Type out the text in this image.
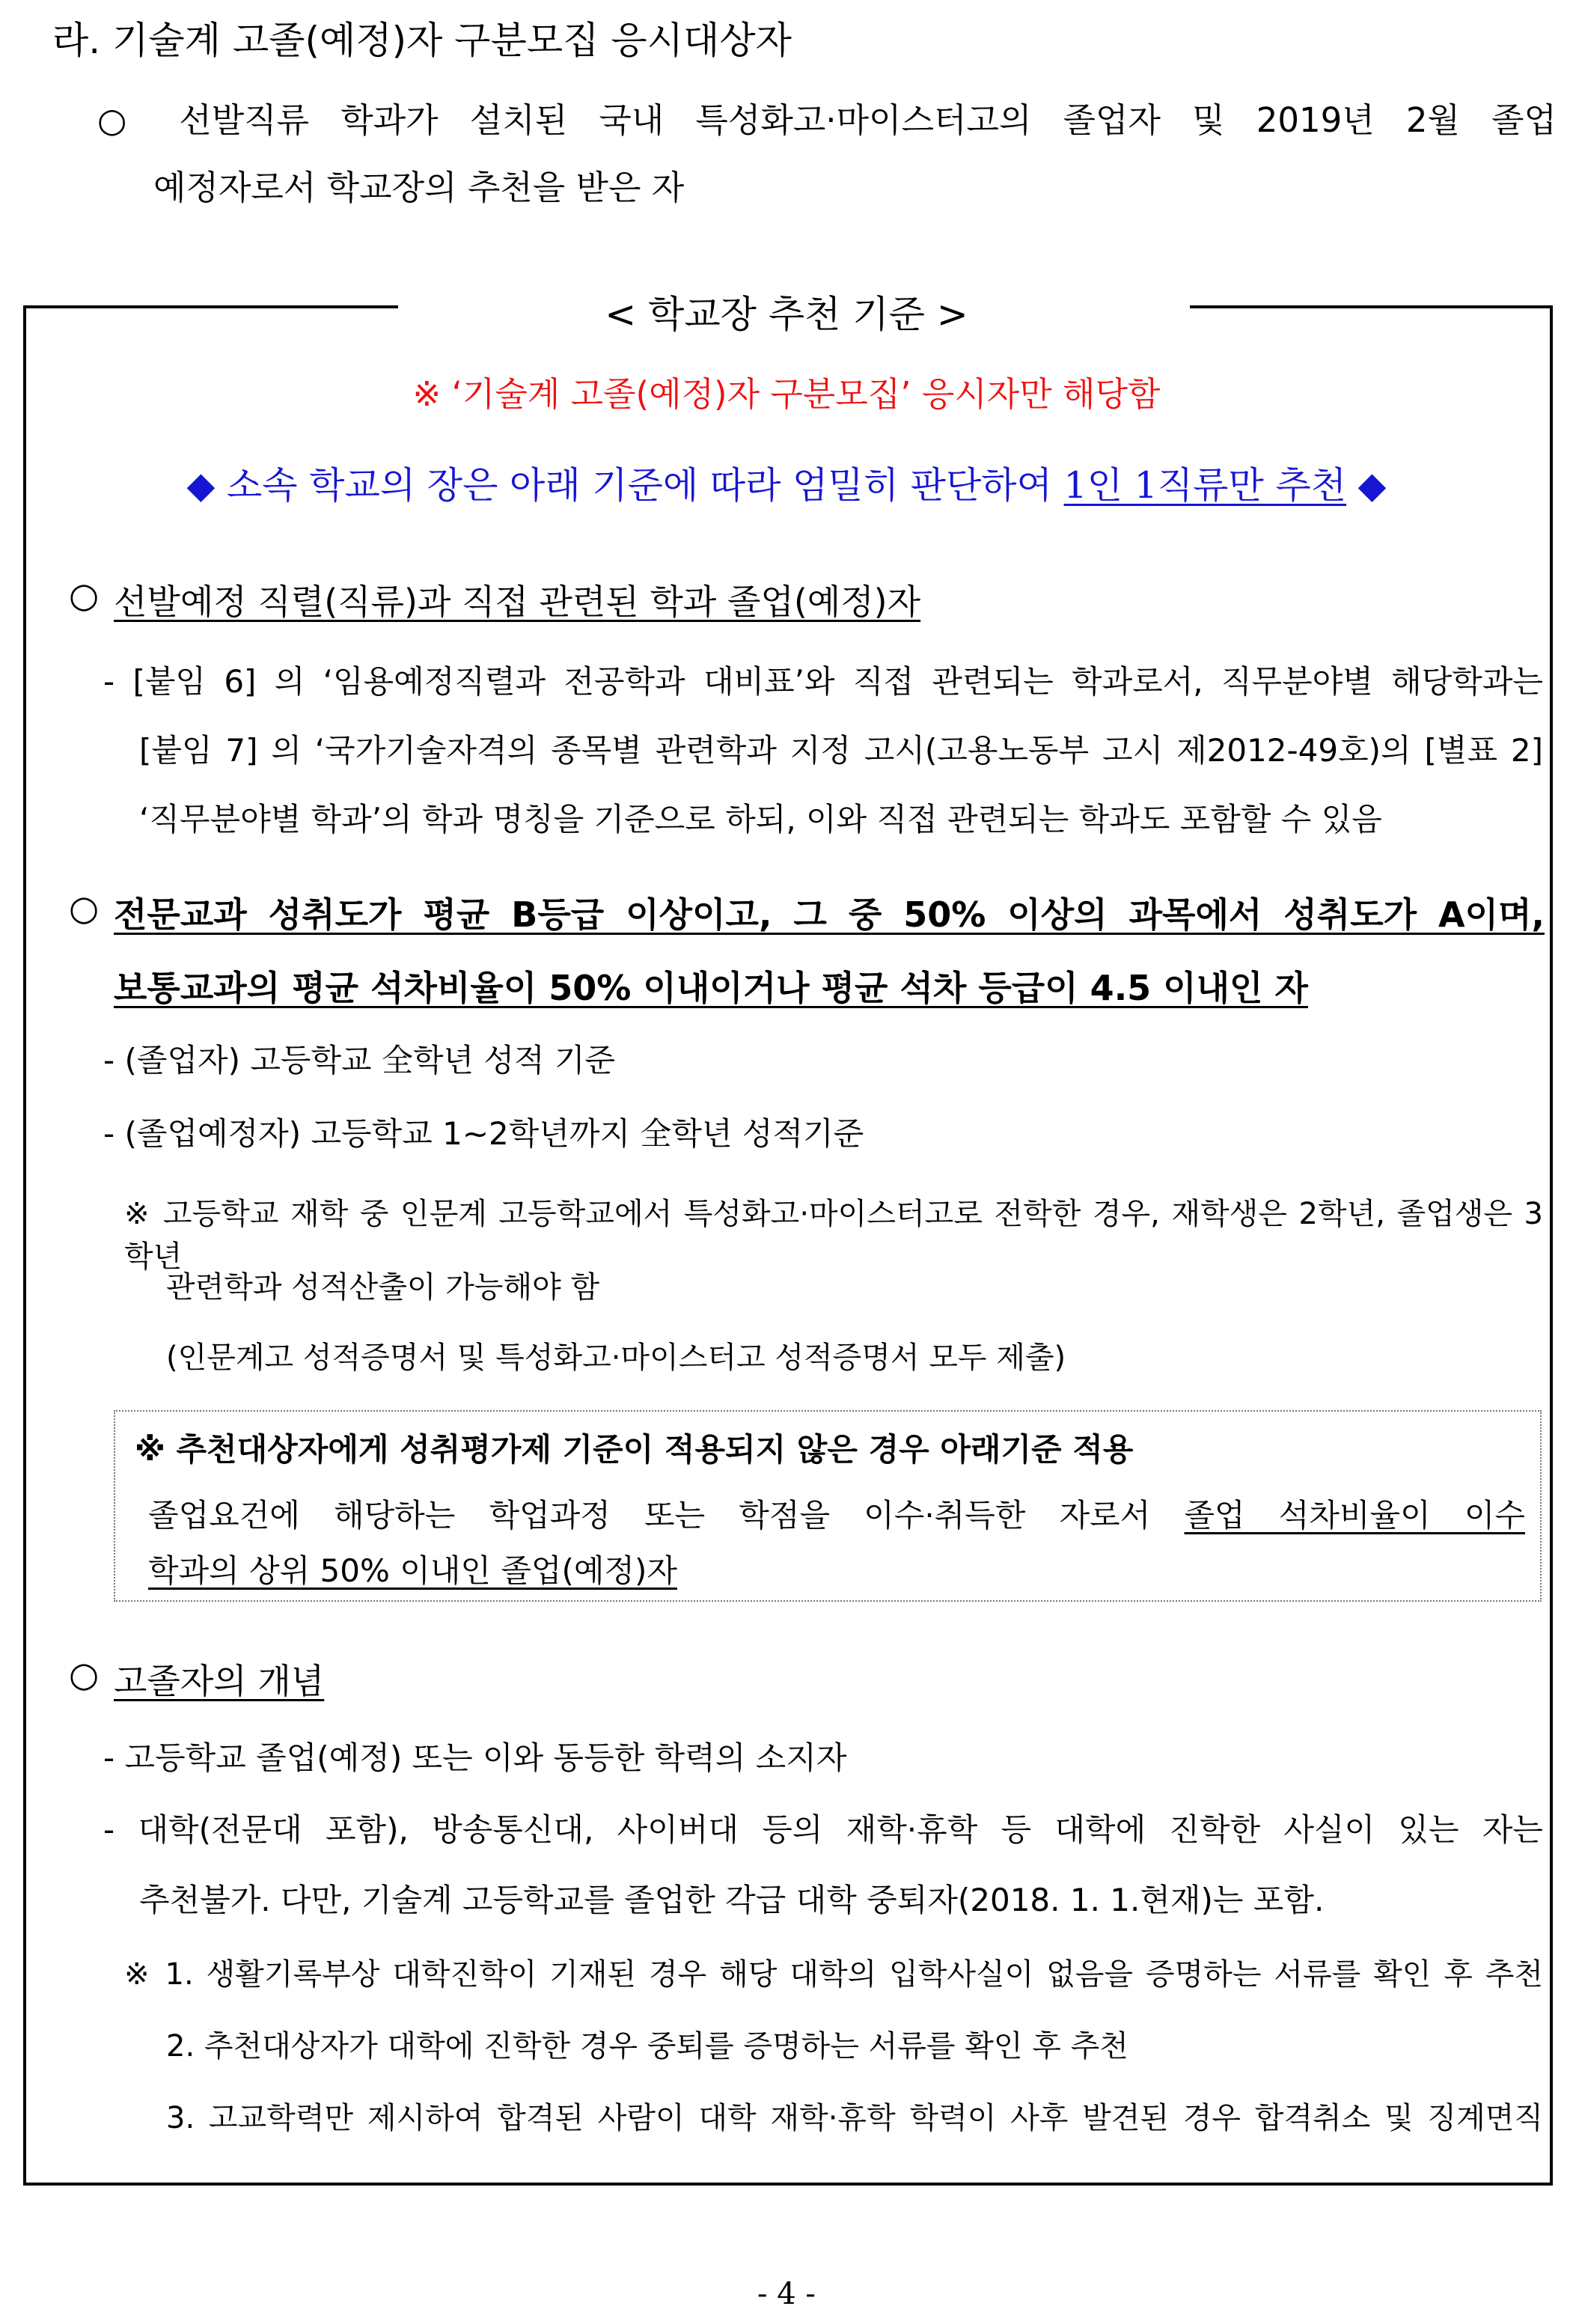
라. 기술계 고졸(예정)자 구분모집 응시대상자
○ 선발직류 학과가 설치된 국내 특성화고·마이스터고의 졸업자 및 2019년 2월 졸업
예정자로서 학교장의 추천을 받은 자
< 학교장 추천 기준 >
※ ‘기술계 고졸(예정)자 구분모집’ 응시자만 해당함
◆ 소속 학교의 장은 아래 기준에 따라 엄밀히 판단하여 1인 1직류만 추천 ◆
○ 선발예정 직렬(직류)과 직접 관련된 학과 졸업(예정)자
- [붙임 6] 의 ‘임용예정직렬과 전공학과 대비표’와 직접 관련되는 학과로서, 직무분야별 해당학과는
[붙임 7] 의 ‘국가기술자격의 종목별 관련학과 지정 고시(고용노동부 고시 제2012-49호)의 [별표 2]
‘직무분야별 학과’의 학과 명칭을 기준으로 하되, 이와 직접 관련되는 학과도 포함할 수 있음
○ 전문교과 성취도가 평균 B등급 이상이고, 그 중 50% 이상의 과목에서 성취도가 A이며,
보통교과의 평균 석차비율이 50% 이내이거나 평균 석차 등급이 4.5 이내인 자
- (졸업자) 고등학교 全학년 성적 기준
- (졸업예정자) 고등학교 1~2학년까지 全학년 성적기준
※ 고등학교 재학 중 인문계 고등학교에서 특성화고·마이스터고로 전학한 경우, 재학생은 2학년, 졸업생은 3학년
관련학과 성적산출이 가능해야 함
(인문계고 성적증명서 및 특성화고·마이스터고 성적증명서 모두 제출)
※ 추천대상자에게 성취평가제 기준이 적용되지 않은 경우 아래기준 적용
졸업요건에 해당하는 학업과정 또는 학점을 이수·취득한 자로서 졸업 석차비율이 이수
학과의 상위 50% 이내인 졸업(예정)자
○ 고졸자의 개념
- 고등학교 졸업(예정) 또는 이와 동등한 학력의 소지자
- 대학(전문대 포함), 방송통신대, 사이버대 등의 재학·휴학 등 대학에 진학한 사실이 있는 자는
추천불가. 다만, 기술계 고등학교를 졸업한 각급 대학 중퇴자(2018. 1. 1.현재)는 포함.
※ 1. 생활기록부상 대학진학이 기재된 경우 해당 대학의 입학사실이 없음을 증명하는 서류를 확인 후 추천
2. 추천대상자가 대학에 진학한 경우 중퇴를 증명하는 서류를 확인 후 추천
3. 고교학력만 제시하여 합격된 사람이 대학 재학·휴학 학력이 사후 발견된 경우 합격취소 및 징계면직
- 4 -
